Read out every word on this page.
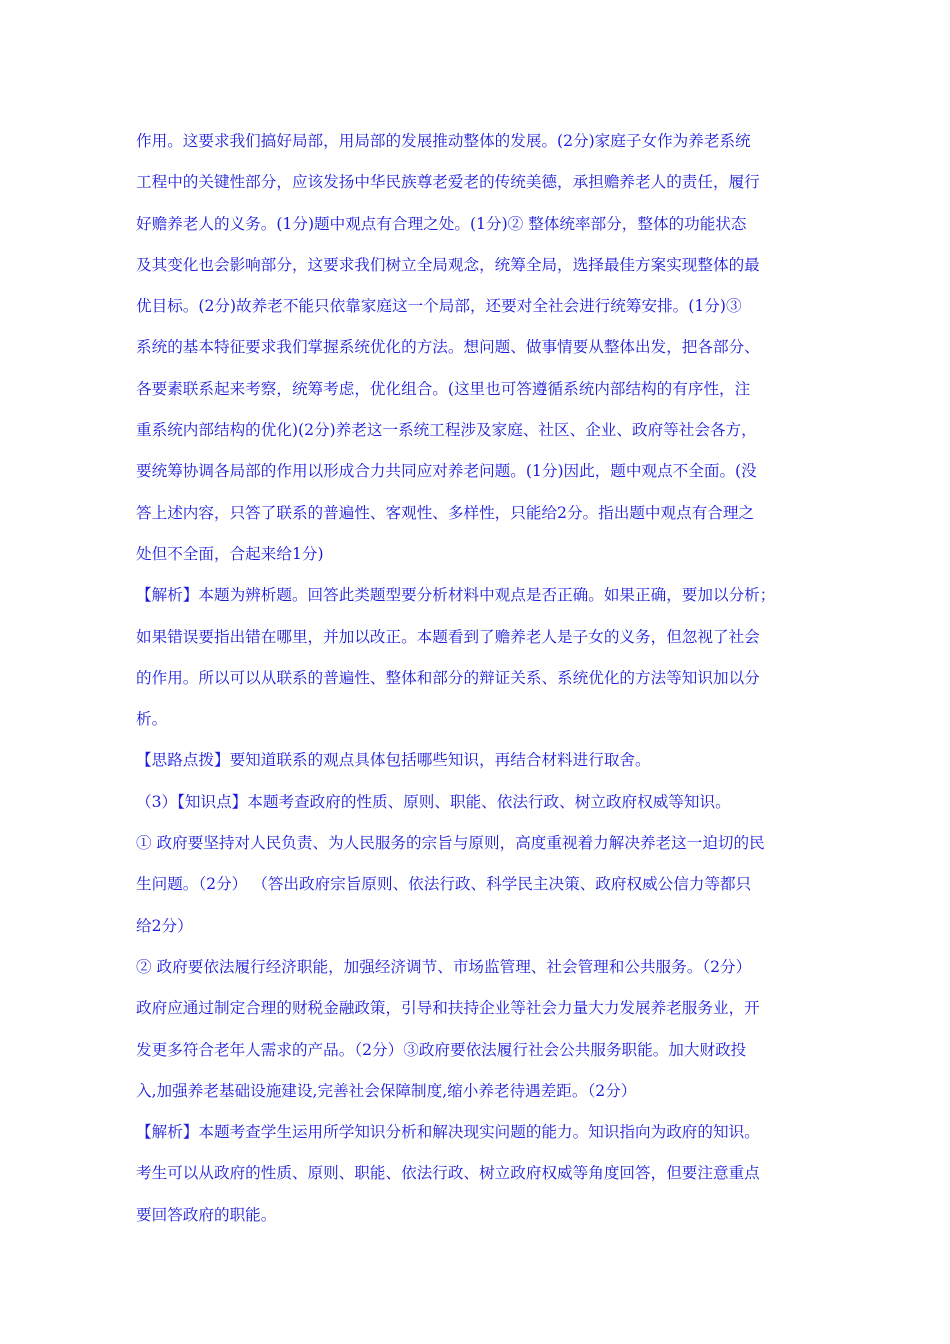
作用。这要求我们搞好局部，用局部的发展推动整体的发展。(2分)家庭子女作为养老系统

工程中的关键性部分，应该发扬中华民族尊老爱老的传统美德，承担赡养老人的责任，履行

好赡养老人的义务。(1分)题中观点有合理之处。(1分)② 整体统率部分，整体的功能状态

及其变化也会影响部分，这要求我们树立全局观念，统筹全局，选择最佳方案实现整体的最

优目标。(2分)故养老不能只依靠家庭这一个局部，还要对全社会进行统筹安排。(1分)③

系统的基本特征要求我们掌握系统优化的方法。想问题、做事情要从整体出发，把各部分、

各要素联系起来考察，统筹考虑，优化组合。(这里也可答遵循系统内部结构的有序性，注

重系统内部结构的优化)(2分)养老这一系统工程涉及家庭、社区、企业、政府等社会各方，

要统筹协调各局部的作用以形成合力共同应对养老问题。(1分)因此，题中观点不全面。(没

答上述内容，只答了联系的普遍性、客观性、多样性，只能给2分。指出题中观点有合理之

处但不全面，合起来给1分)

【解析】本题为辨析题。回答此类题型要分析材料中观点是否正确。如果正确，要加以分析；

如果错误要指出错在哪里，并加以改正。本题看到了赡养老人是子女的义务，但忽视了社会

的作用。所以可以从联系的普遍性、整体和部分的辩证关系、系统优化的方法等知识加以分

析。

【思路点拨】要知道联系的观点具体包括哪些知识，再结合材料进行取舍。

（3）【知识点】本题考查政府的性质、原则、职能、依法行政、树立政府权威等知识。

① 政府要坚持对人民负责、为人民服务的宗旨与原则，高度重视着力解决养老这一迫切的民

生问题。（2分） （答出政府宗旨原则、依法行政、科学民主决策、政府权威公信力等都只

给2分）

② 政府要依法履行经济职能，加强经济调节、市场监管理、社会管理和公共服务。（2分）

政府应通过制定合理的财税金融政策，引导和扶持企业等社会力量大力发展养老服务业，开

发更多符合老年人需求的产品。（2分）③政府要依法履行社会公共服务职能。加大财政投

入,加强养老基础设施建设,完善社会保障制度,缩小养老待遇差距。（2分）

【解析】本题考查学生运用所学知识分析和解决现实问题的能力。知识指向为政府的知识。

考生可以从政府的性质、原则、职能、依法行政、树立政府权威等角度回答，但要注意重点

要回答政府的职能。
